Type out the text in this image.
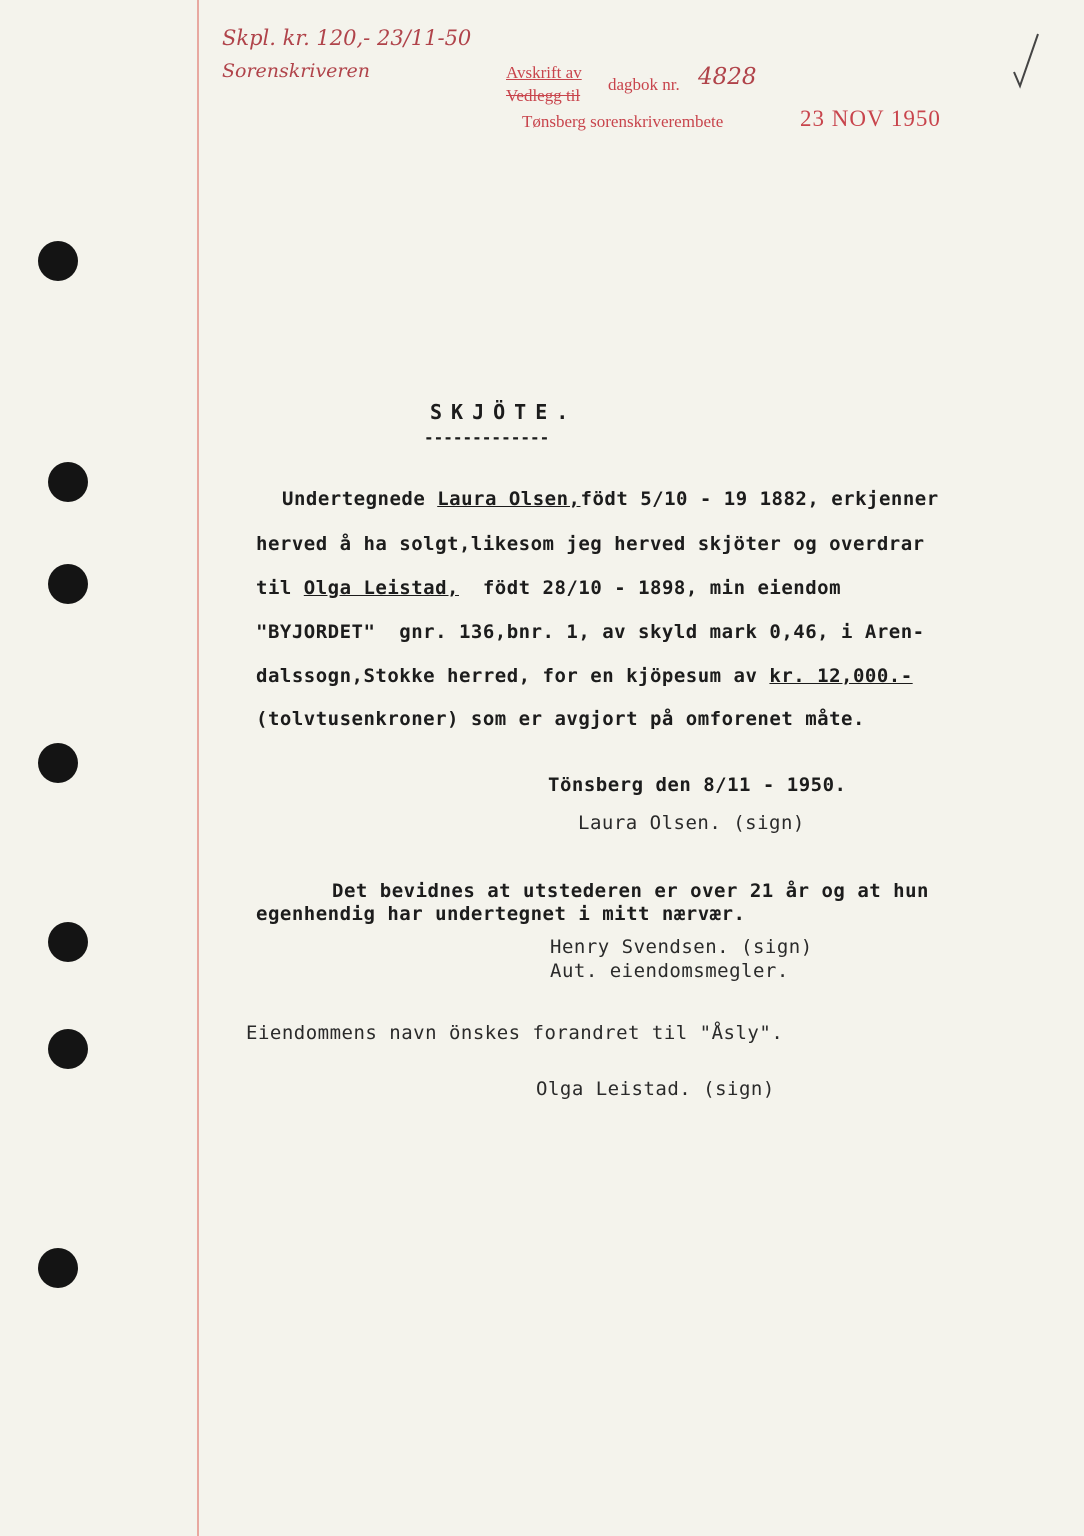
Skpl. kr. 120,- 23/11-50
Sorenskriveren	Avskrift av
Vedlegg til
dagbok nr. 4828
Tønsberg sorenskriverembete	23 NOV 1950
SKJÖTE.
-------------
Undertegnede Laura Olsen,födt 5/10 - 19 1882, erkjenner
herved å ha solgt,likesom jeg herved skjöter og overdrar
til Olga Leistad,  födt 28/10 - 1898, min eiendom
"BYJORDET"  gnr. 136,bnr. 1, av skyld mark 0,46, i Aren-
dalssogn,Stokke herred, for en kjöpesum av kr. 12,000.-
(tolvtusenkroner) som er avgjort på omforenet måte.
Tönsberg den 8/11 - 1950.
Laura Olsen. (sign)
Det bevidnes at utstederen er over 21 år og at hun
egenhendig har undertegnet i mitt nærvær.
Henry Svendsen. (sign)
Aut. eiendomsmegler.
Eiendommens navn önskes forandret til "Åsly".
Olga Leistad. (sign)
